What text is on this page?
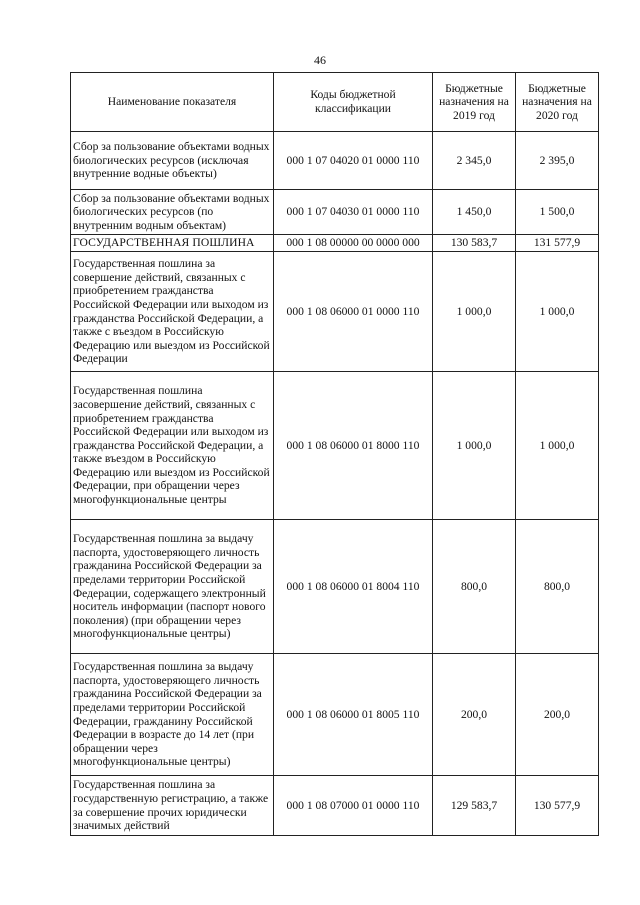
46
Наименование показателя	Коды бюджетной классификации	Бюджетные назначения на 2019 год	Бюджетные назначения на 2020 год
Сбор за пользование объектами водных биологических ресурсов (исключая внутренние водные объекты)	000 1 07 04020 01 0000 110	2 345,0	2 395,0
Сбор за пользование объектами водных биологических ресурсов (по внутренним водным объектам)	000 1 07 04030 01 0000 110	1 450,0	1 500,0
ГОСУДАРСТВЕННАЯ ПОШЛИНА	000 1 08 00000 00 0000 000	130 583,7	131 577,9
Государственная пошлина за совершение действий, связанных с приобретением гражданства Российской Федерации или выходом из гражданства Российской Федерации, а также с въездом в Российскую Федерацию или выездом из Российской Федерации	000 1 08 06000 01 0000 110	1 000,0	1 000,0
Государственная пошлина засовершение действий, связанных с приобретением гражданства Российской Федерации или выходом из гражданства Российской Федерации, а также въездом в Российскую Федерацию или выездом из Российской Федерации, при обращении через многофункциональные центры	000 1 08 06000 01 8000 110	1 000,0	1 000,0
Государственная пошлина за выдачу паспорта, удостоверяющего личность гражданина Российской Федерации за пределами территории Российской Федерации, содержащего электронный носитель информации (паспорт нового поколения) (при обращении через многофункциональные центры)	000 1 08 06000 01 8004 110	800,0	800,0
Государственная пошлина за выдачу паспорта, удостоверяющего личность гражданина Российской Федерации за пределами территории Российской Федерации, гражданину Российской Федерации в возрасте до 14 лет (при обращении через многофункциональные центры)	000 1 08 06000 01 8005 110	200,0	200,0
Государственная пошлина за государственную регистрацию, а также за совершение прочих юридически значимых действий	000 1 08 07000 01 0000 110	129 583,7	130 577,9
